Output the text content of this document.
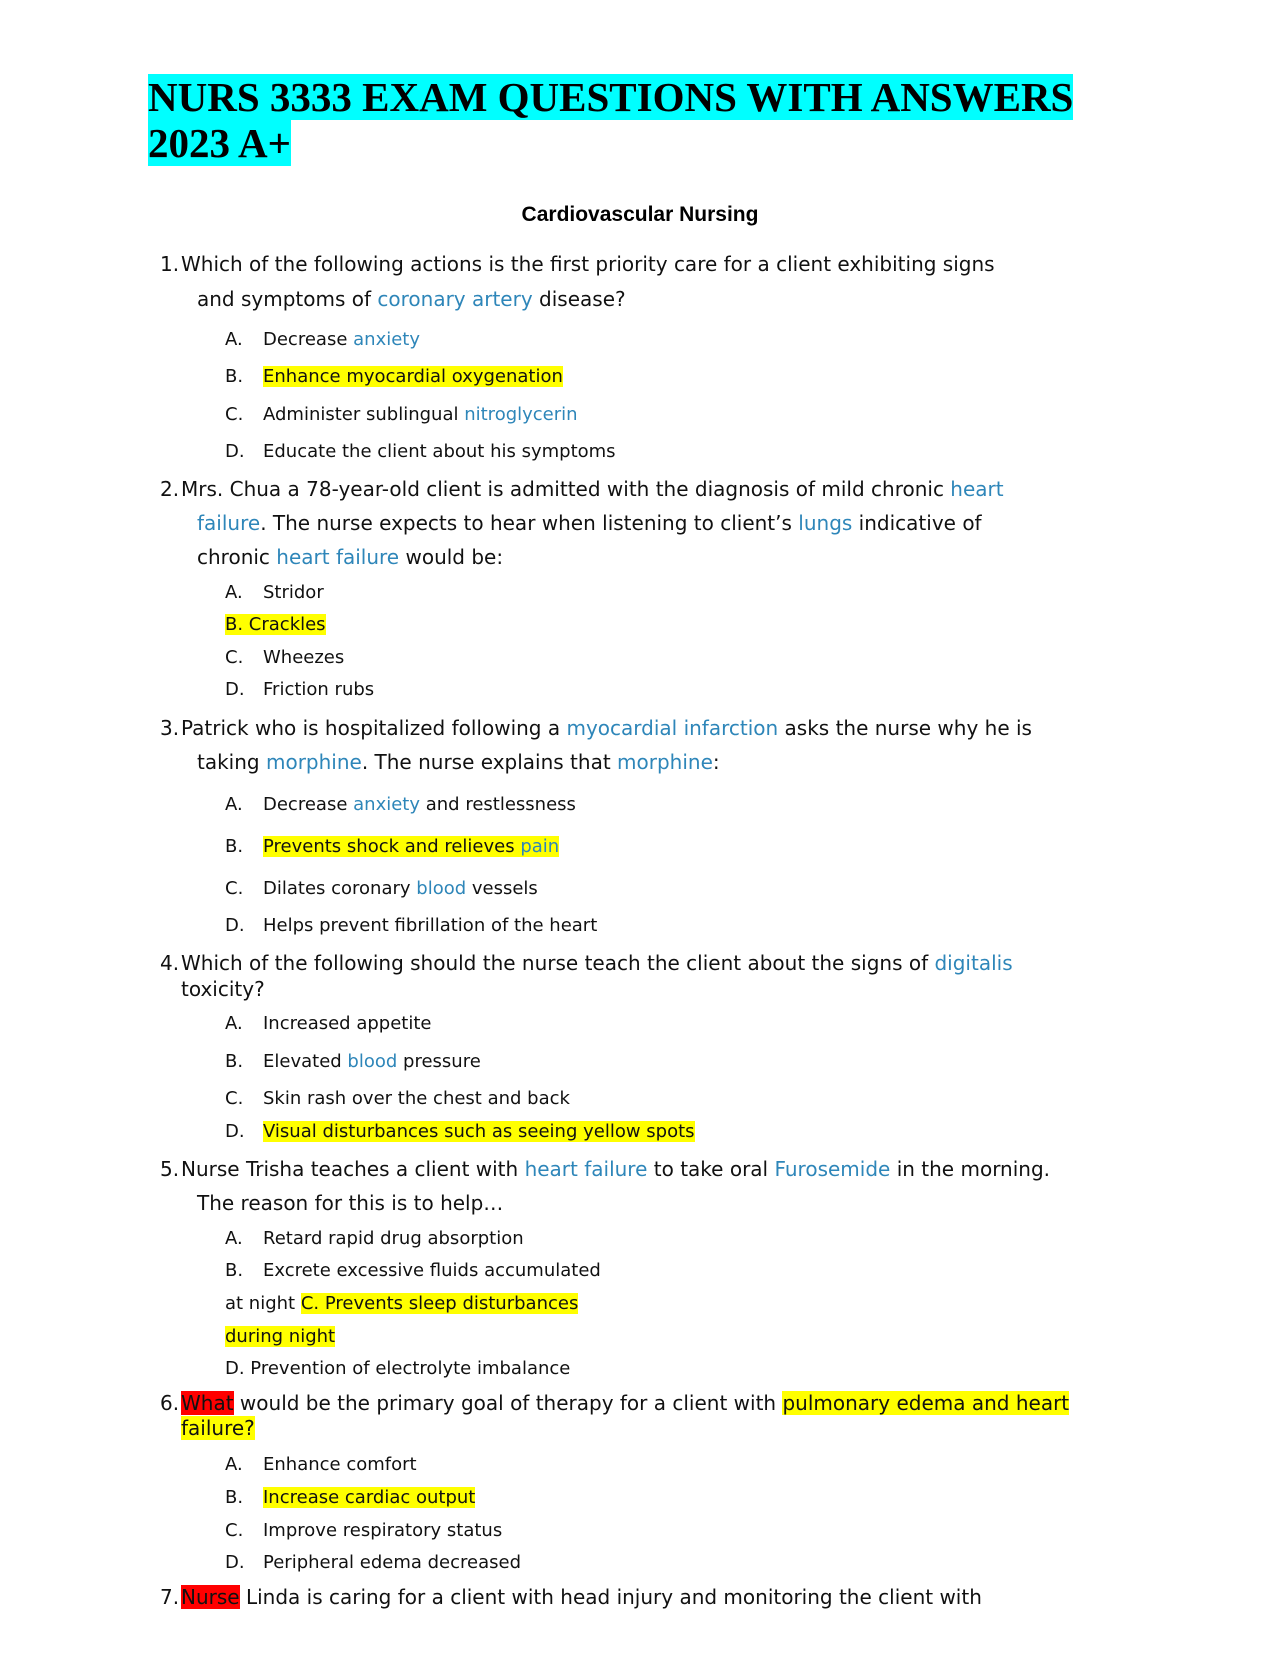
NURS 3333 EXAM QUESTIONS WITH ANSWERS
2023 A+
Cardiovascular Nursing
1. Which of the following actions is the first priority care for a client exhibiting signs
and symptoms of coronary artery disease?
A. Decrease anxiety
B. Enhance myocardial oxygenation
C. Administer sublingual nitroglycerin
D. Educate the client about his symptoms
2. Mrs. Chua a 78-year-old client is admitted with the diagnosis of mild chronic heart
failure. The nurse expects to hear when listening to client’s lungs indicative of
chronic heart failure would be:
A. Stridor
B. Crackles
C. Wheezes
D. Friction rubs
3. Patrick who is hospitalized following a myocardial infarction asks the nurse why he is
taking morphine. The nurse explains that morphine:
A. Decrease anxiety and restlessness
B. Prevents shock and relieves pain
C. Dilates coronary blood vessels
D. Helps prevent fibrillation of the heart
4. Which of the following should the nurse teach the client about the signs of digitalis
toxicity?
A. Increased appetite
B. Elevated blood pressure
C. Skin rash over the chest and back
D. Visual disturbances such as seeing yellow spots
5. Nurse Trisha teaches a client with heart failure to take oral Furosemide in the morning.
The reason for this is to help…
A. Retard rapid drug absorption
B. Excrete excessive fluids accumulated
at night C. Prevents sleep disturbances
during night
D. Prevention of electrolyte imbalance
6. What would be the primary goal of therapy for a client with pulmonary edema and heart
failure?
A. Enhance comfort
B. Increase cardiac output
C. Improve respiratory status
D. Peripheral edema decreased
7. Nurse Linda is caring for a client with head injury and monitoring the client with
